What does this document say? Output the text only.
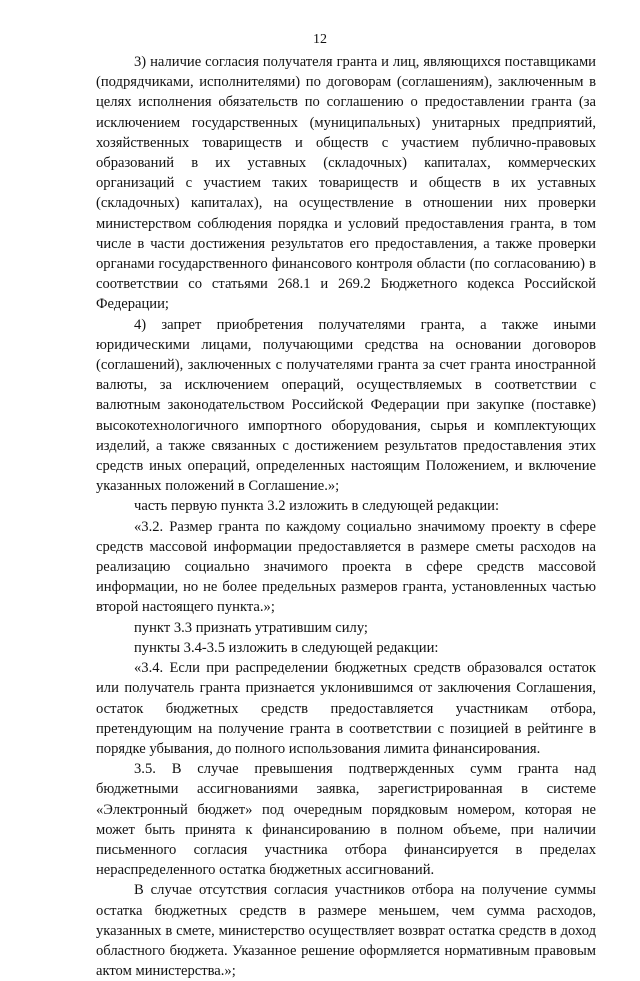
12

3) наличие согласия получателя гранта и лиц, являющихся поставщиками (подрядчиками, исполнителями) по договорам (соглашениям), заключенным в целях исполнения обязательств по соглашению о предоставлении гранта (за исключением государственных (муниципальных) унитарных предприятий, хозяйственных товариществ и обществ с участием публично-правовых образований в их уставных (складочных) капиталах, коммерческих организаций с участием таких товариществ и обществ в их уставных (складочных) капиталах), на осуществление в отношении них проверки министерством соблюдения порядка и условий предоставления гранта, в том числе в части достижения результатов его предоставления, а также проверки органами государственного финансового контроля области (по согласованию) в соответствии со статьями 268.1 и 269.2 Бюджетного кодекса Российской Федерации;

4) запрет приобретения получателями гранта, а также иными юридическими лицами, получающими средства на основании договоров (соглашений), заключенных с получателями гранта за счет гранта иностранной валюты, за исключением операций, осуществляемых в соответствии с валютным законодательством Российской Федерации при закупке (поставке) высокотехнологичного импортного оборудования, сырья и комплектующих изделий, а также связанных с достижением результатов предоставления этих средств иных операций, определенных настоящим Положением, и включение указанных положений в Соглашение.»;

часть первую пункта 3.2 изложить в следующей редакции:

«3.2. Размер гранта по каждому социально значимому проекту в сфере средств массовой информации предоставляется в размере сметы расходов на реализацию социально значимого проекта в сфере средств массовой информации, но не более предельных размеров гранта, установленных частью второй настоящего пункта.»;

пункт 3.3 признать утратившим силу;

пункты 3.4-3.5 изложить в следующей редакции:

«3.4. Если при распределении бюджетных средств образовался остаток или получатель гранта признается уклонившимся от заключения Соглашения, остаток бюджетных средств предоставляется участникам отбора, претендующим на получение гранта в соответствии с позицией в рейтинге в порядке убывания, до полного использования лимита финансирования.

3.5. В случае превышения подтвержденных сумм гранта над бюджетными ассигнованиями заявка, зарегистрированная в системе «Электронный бюджет» под очередным порядковым номером, которая не может быть принята к финансированию в полном объеме, при наличии письменного согласия участника отбора финансируется в пределах нераспределенного остатка бюджетных ассигнований.

В случае отсутствия согласия участников отбора на получение суммы остатка бюджетных средств в размере меньшем, чем сумма расходов, указанных в смете, министерство осуществляет возврат остатка средств в доход областного бюджета. Указанное решение оформляется нормативным правовым актом министерства.»;
